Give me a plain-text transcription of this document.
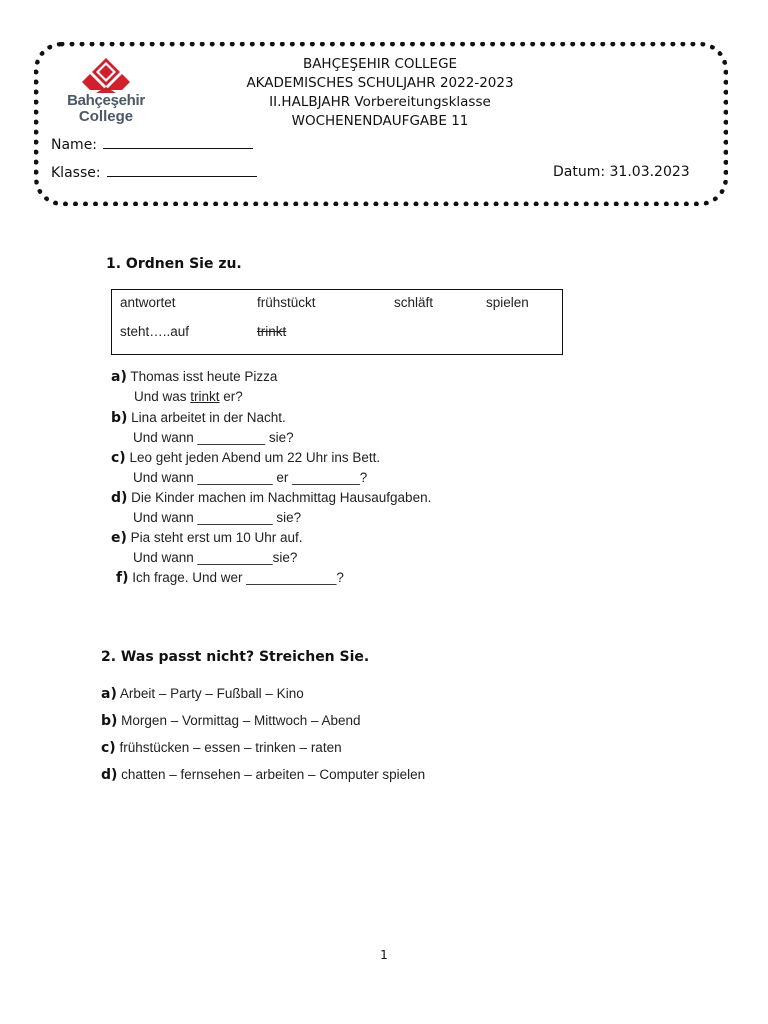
Bahçeşehir
College
BAHÇEŞEHIR COLLEGE
AKADEMISCHES SCHULJAHR 2022-2023
II.HALBJAHR Vorbereitungsklasse
WOCHENENDAUFGABE 11
Name:
Klasse:	Datum: 31.03.2023
1. Ordnen Sie zu.
antwortet	frühstückt	schläft	spielen
steht…..auf	trinkt
a) Thomas isst heute Pizza
Und was trinkt er?
b) Lina arbeitet in der Nacht.
Und wann _________ sie?
c) Leo geht jeden Abend um 22 Uhr ins Bett.
Und wann __________ er _________?
d) Die Kinder machen im Nachmittag Hausaufgaben.
Und wann __________ sie?
e) Pia steht erst um 10 Uhr auf.
Und wann __________sie?
f) Ich frage. Und wer ____________?
2. Was passt nicht? Streichen Sie.
a) Arbeit – Party – Fußball – Kino
b) Morgen – Vormittag – Mittwoch – Abend
c) frühstücken – essen – trinken – raten
d) chatten – fernsehen – arbeiten – Computer spielen
1
